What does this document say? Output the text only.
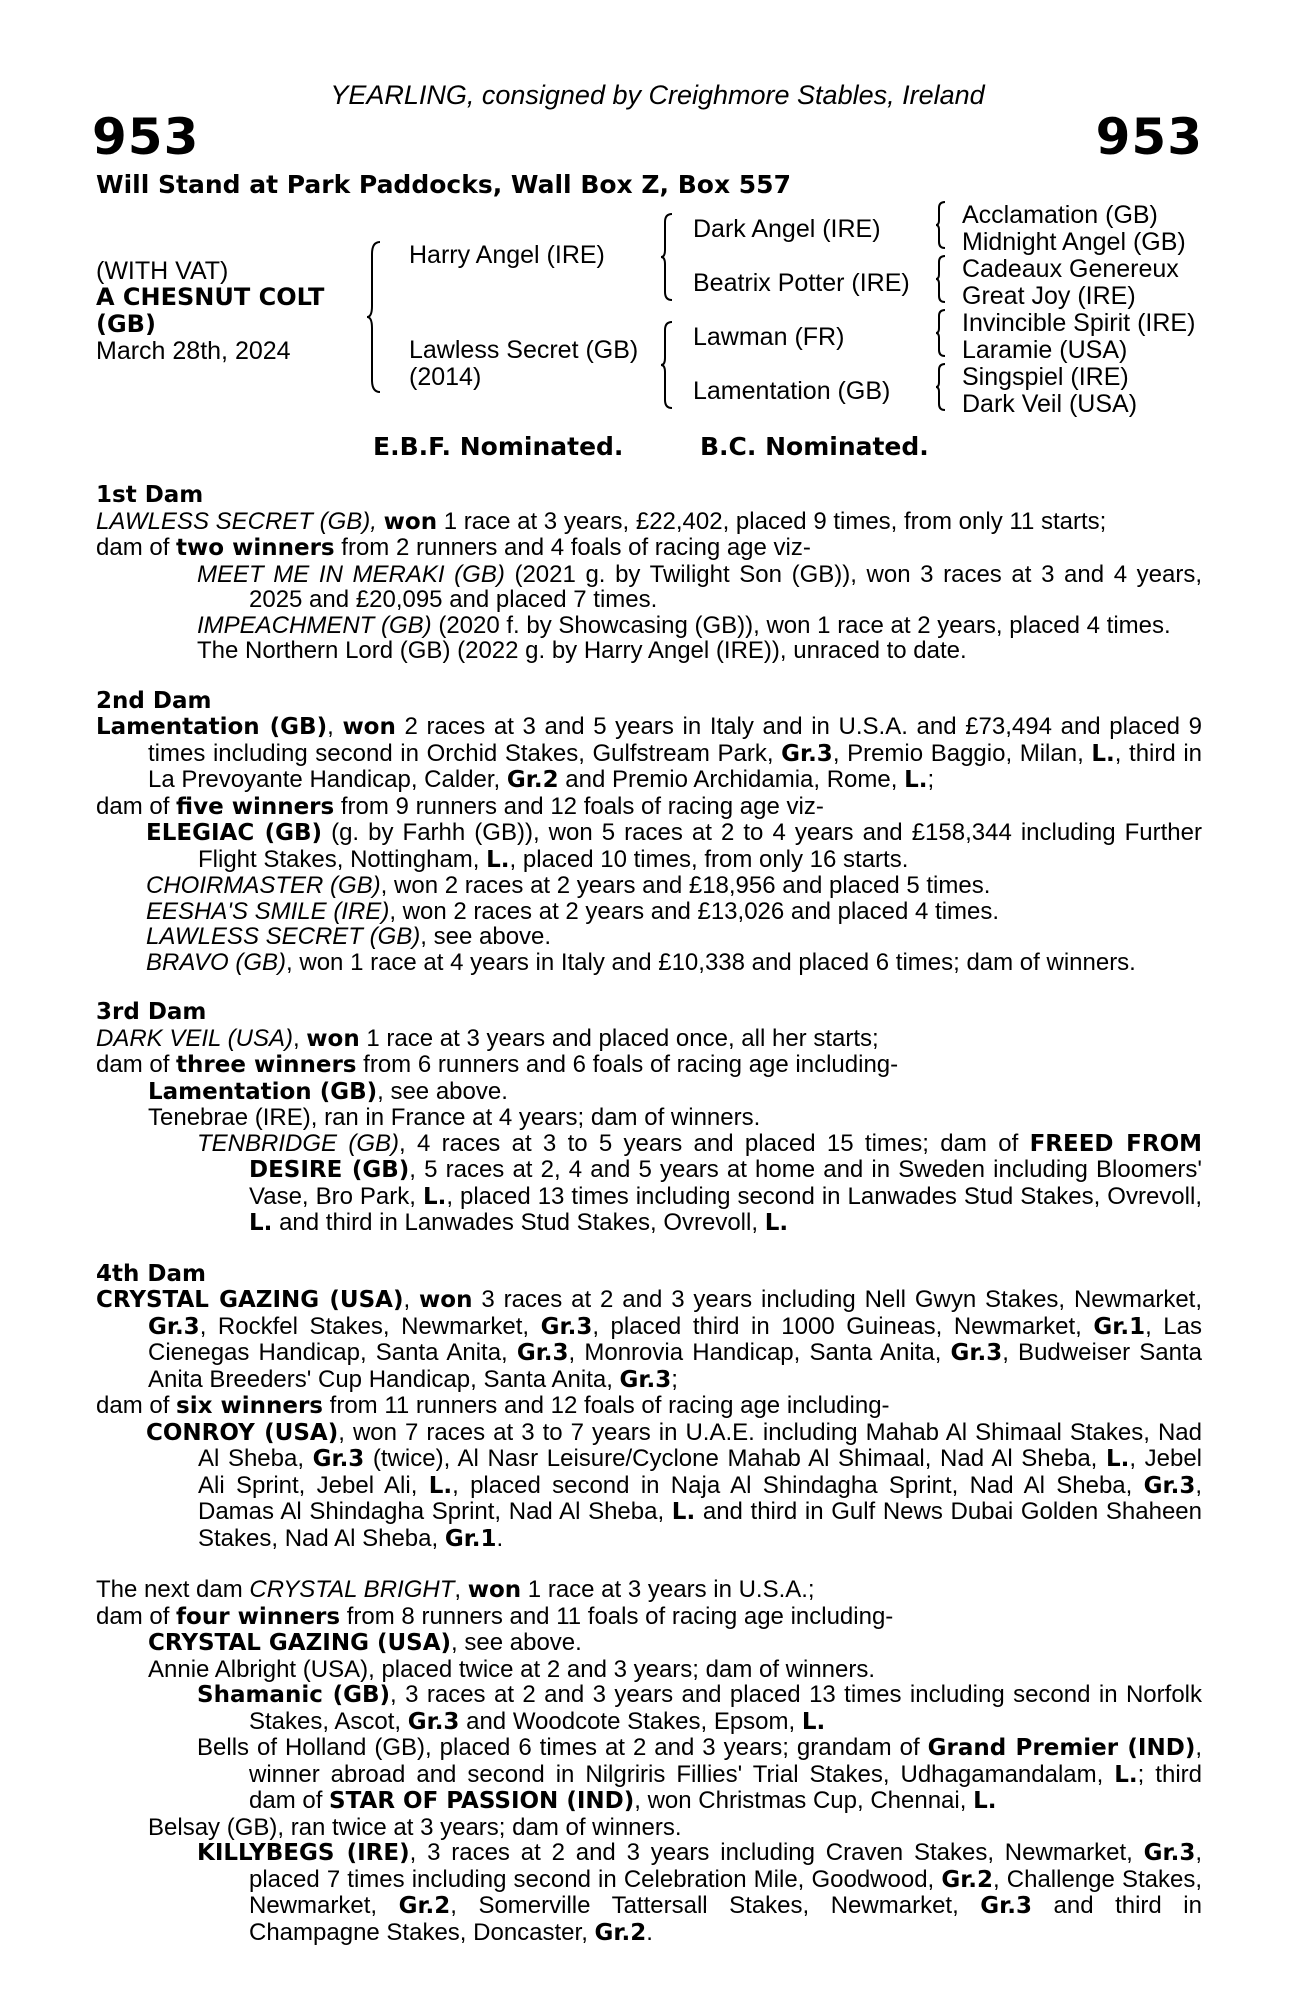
YEARLING, consigned by Creighmore Stables, Ireland
953	953
Will Stand at Park Paddocks, Wall Box Z, Box 557
(WITH VAT)
A CHESNUT COLT
(GB)
March 28th, 2024
Harry Angel (IRE)
Lawless Secret (GB)
(2014)
Dark Angel (IRE)
Beatrix Potter (IRE)
Lawman (FR)
Lamentation (GB)
Acclamation (GB)
Midnight Angel (GB)
Cadeaux Genereux
Great Joy (IRE)
Invincible Spirit (IRE)
Laramie (USA)
Singspiel (IRE)
Dark Veil (USA)
E.B.F. Nominated.	B.C. Nominated.

1st Dam

LAWLESS SECRET (GB), won 1 race at 3 years, £22,402, placed 9 times, from only 11 starts;

dam of two winners from 2 runners and 4 foals of racing age viz-

MEET ME IN MERAKI (GB) (2021 g. by Twilight Son (GB)), won 3 races at 3 and 4 years, 2025 and £20,095 and placed 7 times.

IMPEACHMENT (GB) (2020 f. by Showcasing (GB)), won 1 race at 2 years, placed 4 times.

The Northern Lord (GB) (2022 g. by Harry Angel (IRE)), unraced to date.

2nd Dam

Lamentation (GB), won 2 races at 3 and 5 years in Italy and in U.S.A. and £73,494 and placed 9 times including second in Orchid Stakes, Gulfstream Park, Gr.3, Premio Baggio, Milan, L., third in La Prevoyante Handicap, Calder, Gr.2 and Premio Archidamia, Rome, L.;

dam of five winners from 9 runners and 12 foals of racing age viz-

ELEGIAC (GB) (g. by Farhh (GB)), won 5 races at 2 to 4 years and £158,344 including Further Flight Stakes, Nottingham, L., placed 10 times, from only 16 starts.

CHOIRMASTER (GB), won 2 races at 2 years and £18,956 and placed 5 times.

EESHA'S SMILE (IRE), won 2 races at 2 years and £13,026 and placed 4 times.

LAWLESS SECRET (GB), see above.

BRAVO (GB), won 1 race at 4 years in Italy and £10,338 and placed 6 times; dam of winners.

3rd Dam

DARK VEIL (USA), won 1 race at 3 years and placed once, all her starts;

dam of three winners from 6 runners and 6 foals of racing age including-

Lamentation (GB), see above.

Tenebrae (IRE), ran in France at 4 years; dam of winners.

TENBRIDGE (GB), 4 races at 3 to 5 years and placed 15 times; dam of FREED FROM DESIRE (GB), 5 races at 2, 4 and 5 years at home and in Sweden including Bloomers' Vase, Bro Park, L., placed 13 times including second in Lanwades Stud Stakes, Ovrevoll, L. and third in Lanwades Stud Stakes, Ovrevoll, L.

4th Dam

CRYSTAL GAZING (USA), won 3 races at 2 and 3 years including Nell Gwyn Stakes, Newmarket, Gr.3, Rockfel Stakes, Newmarket, Gr.3, placed third in 1000 Guineas, Newmarket, Gr.1, Las Cienegas Handicap, Santa Anita, Gr.3, Monrovia Handicap, Santa Anita, Gr.3, Budweiser Santa Anita Breeders' Cup Handicap, Santa Anita, Gr.3;

dam of six winners from 11 runners and 12 foals of racing age including-

CONROY (USA), won 7 races at 3 to 7 years in U.A.E. including Mahab Al Shimaal Stakes, Nad Al Sheba, Gr.3 (twice), Al Nasr Leisure/Cyclone Mahab Al Shimaal, Nad Al Sheba, L., Jebel Ali Sprint, Jebel Ali, L., placed second in Naja Al Shindagha Sprint, Nad Al Sheba, Gr.3, Damas Al Shindagha Sprint, Nad Al Sheba, L. and third in Gulf News Dubai Golden Shaheen Stakes, Nad Al Sheba, Gr.1.

The next dam CRYSTAL BRIGHT, won 1 race at 3 years in U.S.A.;

dam of four winners from 8 runners and 11 foals of racing age including-

CRYSTAL GAZING (USA), see above.

Annie Albright (USA), placed twice at 2 and 3 years; dam of winners.

Shamanic (GB), 3 races at 2 and 3 years and placed 13 times including second in Norfolk Stakes, Ascot, Gr.3 and Woodcote Stakes, Epsom, L.

Bells of Holland (GB), placed 6 times at 2 and 3 years; grandam of Grand Premier (IND), winner abroad and second in Nilgriris Fillies' Trial Stakes, Udhagamandalam, L.; third dam of STAR OF PASSION (IND), won Christmas Cup, Chennai, L.

Belsay (GB), ran twice at 3 years; dam of winners.

KILLYBEGS (IRE), 3 races at 2 and 3 years including Craven Stakes, Newmarket, Gr.3, placed 7 times including second in Celebration Mile, Goodwood, Gr.2, Challenge Stakes, Newmarket, Gr.2, Somerville Tattersall Stakes, Newmarket, Gr.3 and third in Champagne Stakes, Doncaster, Gr.2.
